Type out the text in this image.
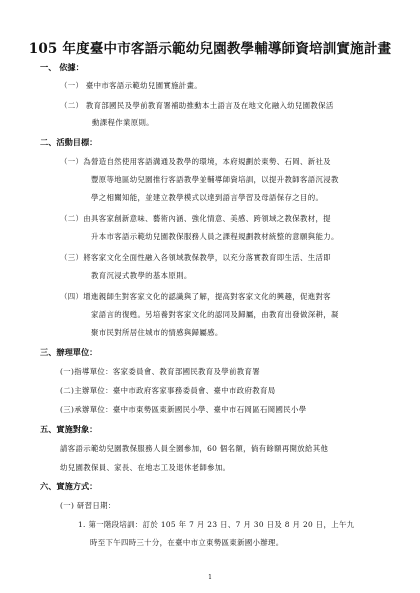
105 年度臺中市客語示範幼兒園教學輔導師資培訓實施計畫
一、 依據：
（一） 臺中市客語示範幼兒園實施計畫。
（二） 教育部國民及學前教育署補助推動本土語言及在地文化融入幼兒園教保活
動課程作業原則。
二、活動目標：
（一）為營造自然使用客語溝通及教學的環境，本府規劃於東勢、石岡、新社及
豐原等地區幼兒園推行客語教學並輔導師資培訓，以提升教師客語沉浸教
學之相關知能，並建立教學模式以達到語言學習及母語保存之目的。
（二）由具客家創新意味、藝術內涵、強化情意、美感、跨領域之教保教材，提
升本市客語示範幼兒園教保服務人員之課程規劃教材統整的意願與能力。
（三）將客家文化全面性融入各領域教保教學，以充分落實教育即生活、生活即
教育沉浸式教學的基本原則。
（四）增進親師生對客家文化的認識與了解，提高對客家文化的興趣，促進對客
家語言的復甦。另培養對客家文化的認同及歸屬，由教育出發做深耕，凝
聚市民對所居住城市的情感與歸屬感。
三、辦理單位：
(一)指導單位：客家委員會、教育部國民教育及學前教育署
(二)主辦單位：臺中市政府客家事務委員會、臺中市政府教育局
(三)承辦單位：臺中市東勢區東新國民小學、臺中市石岡區石岡國民小學
五、實施對象：
請客語示範幼兒園教保服務人員全園參加，60 個名額，倘有餘額再開放給其他
幼兒園教保員、家長、在地志工及退休老師參加。
六、實施方式：
(一) 研習日期：
1. 第一階段培訓：訂於 105 年 7 月 23 日、7 月 30 日及 8 月 20 日，上午九
時至下午四時三十分，在臺中市立東勢區東新國小辦理。
1
